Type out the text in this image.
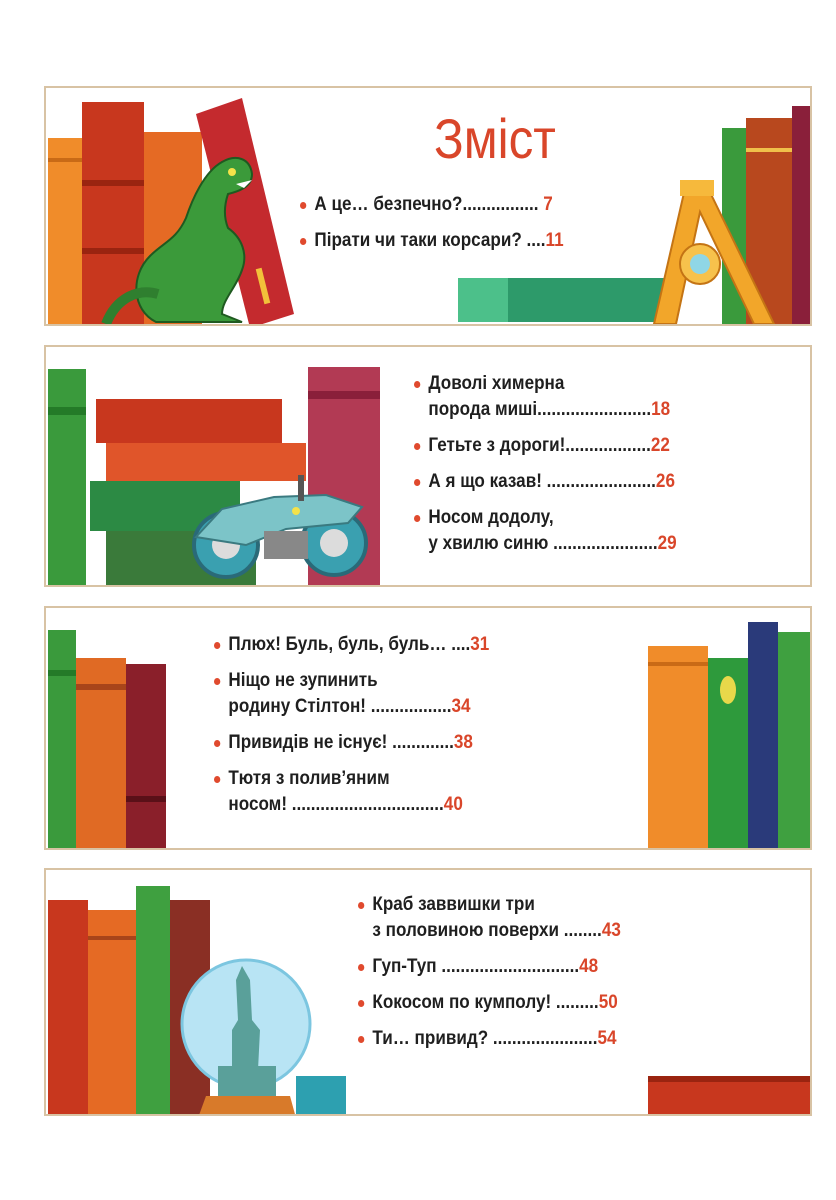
Зміст
А це… безпечно?................ 7
Пірати чи таки корсари? ....11
Доволі химерна
порода миші........................18
Гетьте з дороги!..................22
А я що казав! .......................26
Носом додолу,
у хвилю синю ......................29
Плюх! Буль, буль, буль… ....31
Ніщо не зупинить
родину Стілтон! .................34
Привидів не існує! .............38
Тютя з полив’яним
носом! ................................40
Краб заввишки три
з половиною поверхи ........43
Гуп-Туп .............................48
Кокосом по кумполу! .........50
Ти… привид? ......................54
